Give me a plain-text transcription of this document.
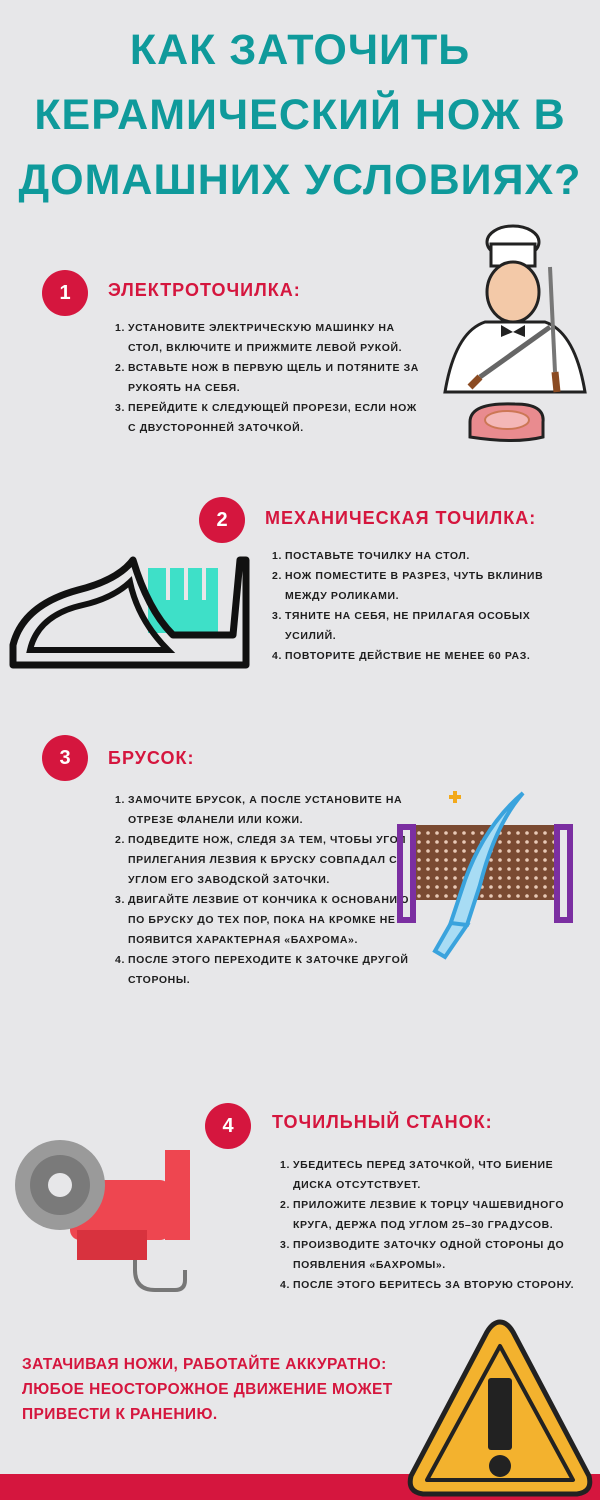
КАК ЗАТОЧИТЬ
КЕРАМИЧЕСКИЙ НОЖ В
ДОМАШНИХ УСЛОВИЯХ?
1	ЭЛЕКТРОТОЧИЛКА:
1. УСТАНОВИТЕ ЭЛЕКТРИЧЕСКУЮ МАШИНКУ НА СТОЛ, ВКЛЮЧИТЕ И ПРИЖМИТЕ ЛЕВОЙ РУКОЙ.
2. ВСТАВЬТЕ НОЖ В ПЕРВУЮ ЩЕЛЬ И ПОТЯНИТЕ ЗА РУКОЯТЬ НА СЕБЯ.
3. ПЕРЕЙДИТЕ К СЛЕДУЮЩЕЙ ПРОРЕЗИ, ЕСЛИ НОЖ С ДВУСТОРОННЕЙ ЗАТОЧКОЙ.
2	МЕХАНИЧЕСКАЯ ТОЧИЛКА:
1. ПОСТАВЬТЕ ТОЧИЛКУ НА СТОЛ.
2. НОЖ ПОМЕСТИТЕ В РАЗРЕЗ, ЧУТЬ ВКЛИНИВ МЕЖДУ РОЛИКАМИ.
3. ТЯНИТЕ НА СЕБЯ, НЕ ПРИЛАГАЯ ОСОБЫХ УСИЛИЙ.
4. ПОВТОРИТЕ ДЕЙСТВИЕ НЕ МЕНЕЕ 60 РАЗ.
3	БРУСОК:
1. ЗАМОЧИТЕ БРУСОК, А ПОСЛЕ УСТАНОВИТЕ НА ОТРЕЗЕ ФЛАНЕЛИ ИЛИ КОЖИ.
2. ПОДВЕДИТЕ НОЖ, СЛЕДЯ ЗА ТЕМ, ЧТОБЫ УГОЛ ПРИЛЕГАНИЯ ЛЕЗВИЯ К БРУСКУ СОВПАДАЛ С УГЛОМ ЕГО ЗАВОДСКОЙ ЗАТОЧКИ.
3. ДВИГАЙТЕ ЛЕЗВИЕ ОТ КОНЧИКА К ОСНОВАНИЮ ПО БРУСКУ ДО ТЕХ ПОР, ПОКА НА КРОМКЕ НЕ ПОЯВИТСЯ ХАРАКТЕРНАЯ «БАХРОМА».
4. ПОСЛЕ ЭТОГО ПЕРЕХОДИТЕ К ЗАТОЧКЕ ДРУГОЙ СТОРОНЫ.
4	ТОЧИЛЬНЫЙ СТАНОК:
1. УБЕДИТЕСЬ ПЕРЕД ЗАТОЧКОЙ, ЧТО БИЕНИЕ ДИСКА ОТСУТСТВУЕТ.
2. ПРИЛОЖИТЕ ЛЕЗВИЕ К ТОРЦУ ЧАШЕВИДНОГО КРУГА, ДЕРЖА ПОД УГЛОМ 25–30 ГРАДУСОВ.
3. ПРОИЗВОДИТЕ ЗАТОЧКУ ОДНОЙ СТОРОНЫ ДО ПОЯВЛЕНИЯ «БАХРОМЫ».
4. ПОСЛЕ ЭТОГО БЕРИТЕСЬ ЗА ВТОРУЮ СТОРОНУ.
ЗАТАЧИВАЯ НОЖИ, РАБОТАЙТЕ АККУРАТНО: ЛЮБОЕ НЕОСТОРОЖНОЕ ДВИЖЕНИЕ МОЖЕТ ПРИВЕСТИ К РАНЕНИЮ.
